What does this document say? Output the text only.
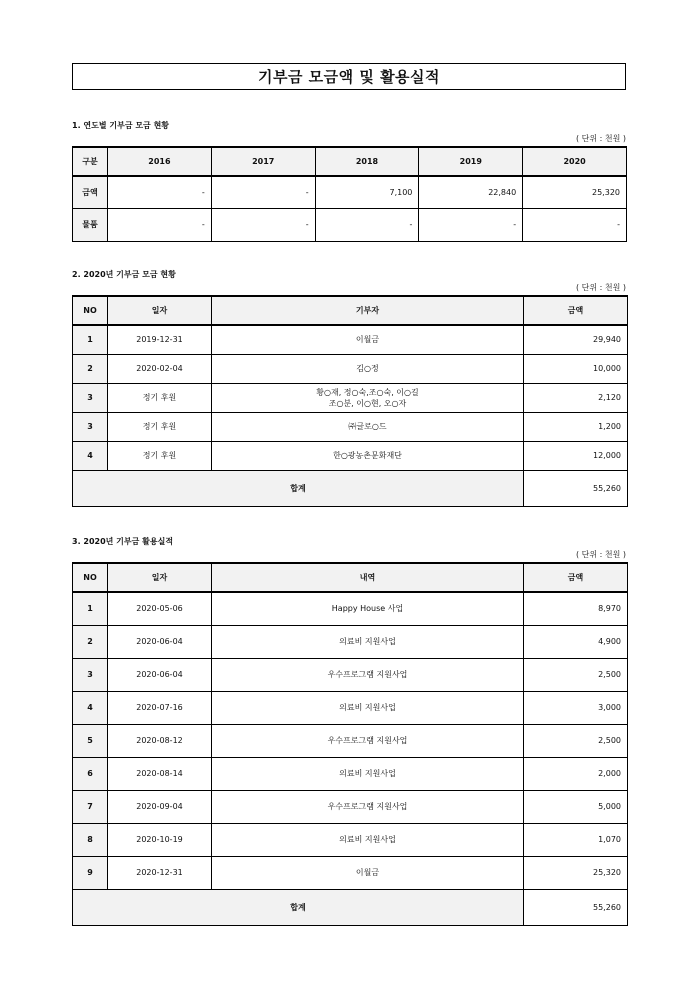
기부금 모금액 및 활용실적
1. 연도별 기부금 모금 현황
( 단위 : 천원 )
구분	2016	2017	2018	2019	2020
금액	-	-	7,100	22,840	25,320
물품	-	-	-	-	-
2. 2020년 기부금 모금 현황
( 단위 : 천원 )
NO	일자	기부자	금액
1	2019-12-31	이월금	29,940
2	2020-02-04	김○정	10,000
3	정기 후원	황○재, 정○숙,조○숙, 이○길
조○분, 이○현, 오○자	2,120
3	정기 후원	㈜글로○드	1,200
4	정기 후원	한○광농촌문화재단	12,000
합계			55,260
3. 2020년 기부금 활용실적
( 단위 : 천원 )
NO	일자	내역	금액
1	2020-05-06	Happy House 사업	8,970
2	2020-06-04	의료비 지원사업	4,900
3	2020-06-04	우수프로그램 지원사업	2,500
4	2020-07-16	의료비 지원사업	3,000
5	2020-08-12	우수프로그램 지원사업	2,500
6	2020-08-14	의료비 지원사업	2,000
7	2020-09-04	우수프로그램 지원사업	5,000
8	2020-10-19	의료비 지원사업	1,070
9	2020-12-31	이월금	25,320
합계			55,260
